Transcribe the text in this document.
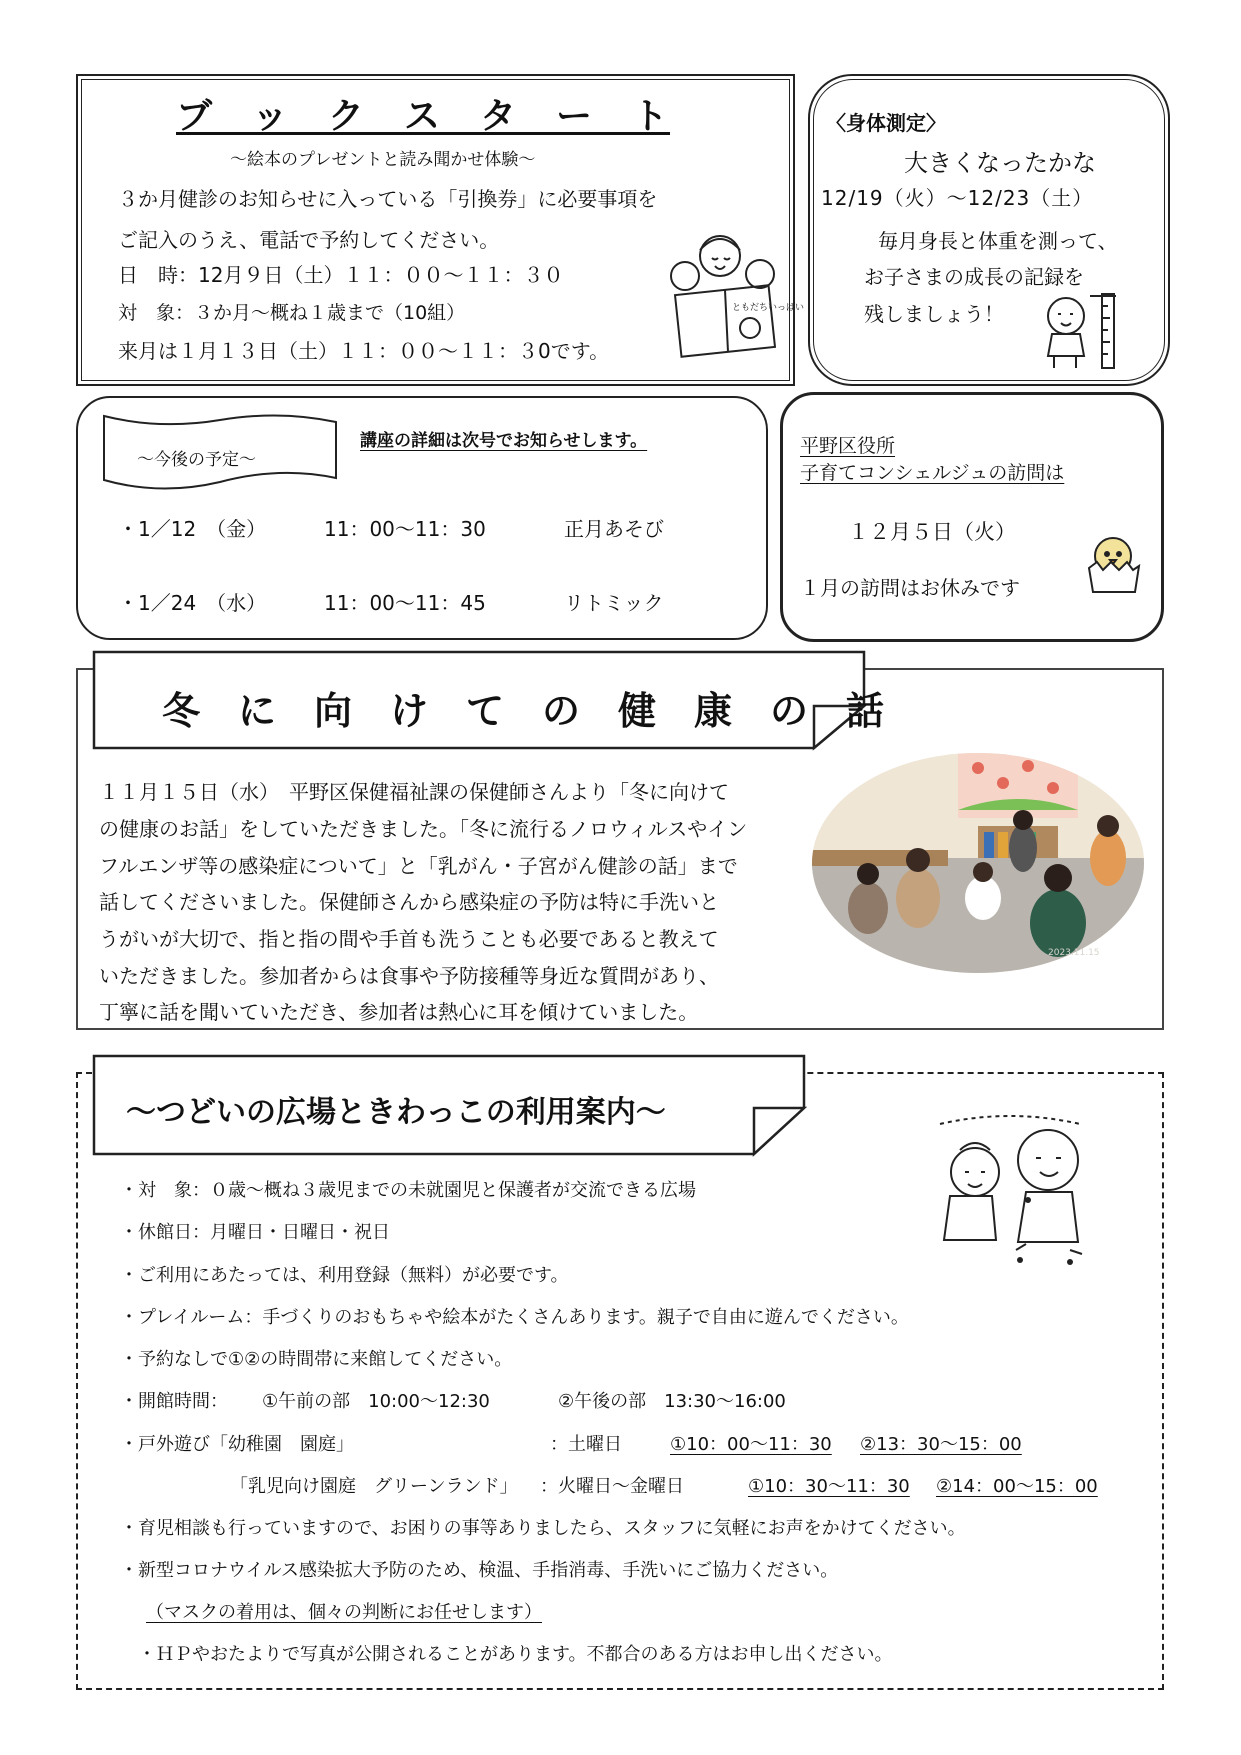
ブ　ッ　ク　ス　タ　ー　ト
～絵本のプレゼントと読み聞かせ体験～
３か月健診のお知らせに入っている「引換券」に必要事項を
ご記入のうえ、電話で予約してください。
日　時：12月９日（土）１１：００～１１：３０
対　象：３か月～概ね１歳まで（10組）
来月は１月１３日（土）１１：００～１１：３0です。
ともだちいっぱい
〈身体測定〉
大きくなったかな
12/19（火）～12/23（土）
毎月身長と体重を測って、
お子さまの成長の記録を
残しましょう！
～今後の予定～
講座の詳細は次号でお知らせします。
・1／12　（金）	11：00～11：30	正月あそび
・1／24　（水）	11：00～11：45	リトミック
平野区役所
子育てコンシェルジュの訪問は
１２月５日（火）
１月の訪問はお休みです
冬　に　向　け　て　の　健　康　の　話
１１月１５日（水）　平野区保健福祉課の保健師さんより「冬に向けて
の健康のお話」をしていただきました。「冬に流行るノロウィルスやイン
フルエンザ等の感染症について」と「乳がん・子宮がん健診の話」まで
話してくださいました。保健師さんから感染症の予防は特に手洗いと
うがいが大切で、指と指の間や手首も洗うことも必要であると教えて
いただきました。参加者からは食事や予防接種等身近な質問があり、
丁寧に話を聞いていただき、参加者は熱心に耳を傾けていました。
2023.11.15
～つどいの広場ときわっこの利用案内～
・対　象：０歳～概ね３歳児までの未就園児と保護者が交流できる広場
・休館日：月曜日・日曜日・祝日
・ご利用にあたっては、利用登録（無料）が必要です。
・プレイルーム：手づくりのおもちゃや絵本がたくさんあります。親子で自由に遊んでください。
・予約なしで①②の時間帯に来館してください。
・開館時間： ①午前の部　10:00～12:30	②午後の部　13:30～16:00
・戸外遊び「幼稚園　園庭」	：土曜日	①10：00～11：30 ②13：30～15：00
「乳児向け園庭　グリーンランド」 ：火曜日～金曜日	①10：30～11：30 ②14：00～15：00
・育児相談も行っていますので、お困りの事等ありましたら、スタッフに気軽にお声をかけてください。
・新型コロナウイルス感染拡大予防のため、検温、手指消毒、手洗いにご協力ください。
（マスクの着用は、個々の判断にお任せします）
・ＨＰやおたよりで写真が公開されることがあります。不都合のある方はお申し出ください。
